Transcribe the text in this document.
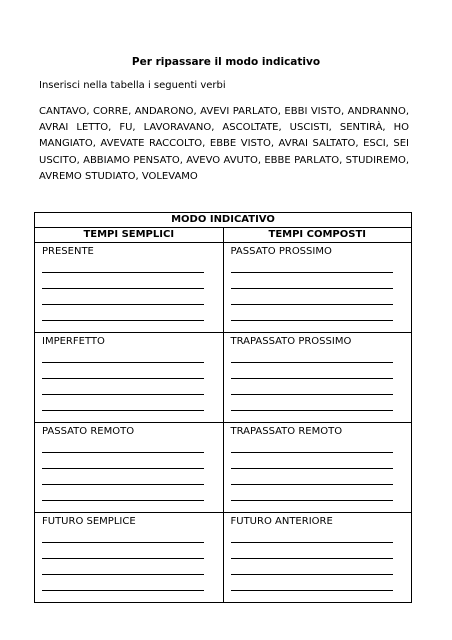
Per ripassare il modo indicativo
Inserisci nella tabella i seguenti verbi
CANTAVO, CORRE, ANDARONO, AVEVI PARLATO, EBBI VISTO, ANDRANNO, AVRAI LETTO, FU, LAVORAVANO, ASCOLTATE, USCISTI, SENTIRÀ, HO MANGIATO, AVEVATE RACCOLTO, EBBE VISTO, AVRAI SALTATO, ESCI, SEI USCITO, ABBIAMO PENSATO, AVEVO AVUTO, EBBE PARLATO, STUDIREMO, AVREMO STUDIATO, VOLEVAMO
MODO INDICATIVO	
TEMPI SEMPLICI	TEMPI COMPOSTI

PRESENTE	PASSATO PROSSIMO

IMPERFETTO	TRAPASSATO PROSSIMO

PASSATO REMOTO	TRAPASSATO REMOTO

FUTURO SEMPLICE	FUTURO ANTERIORE
